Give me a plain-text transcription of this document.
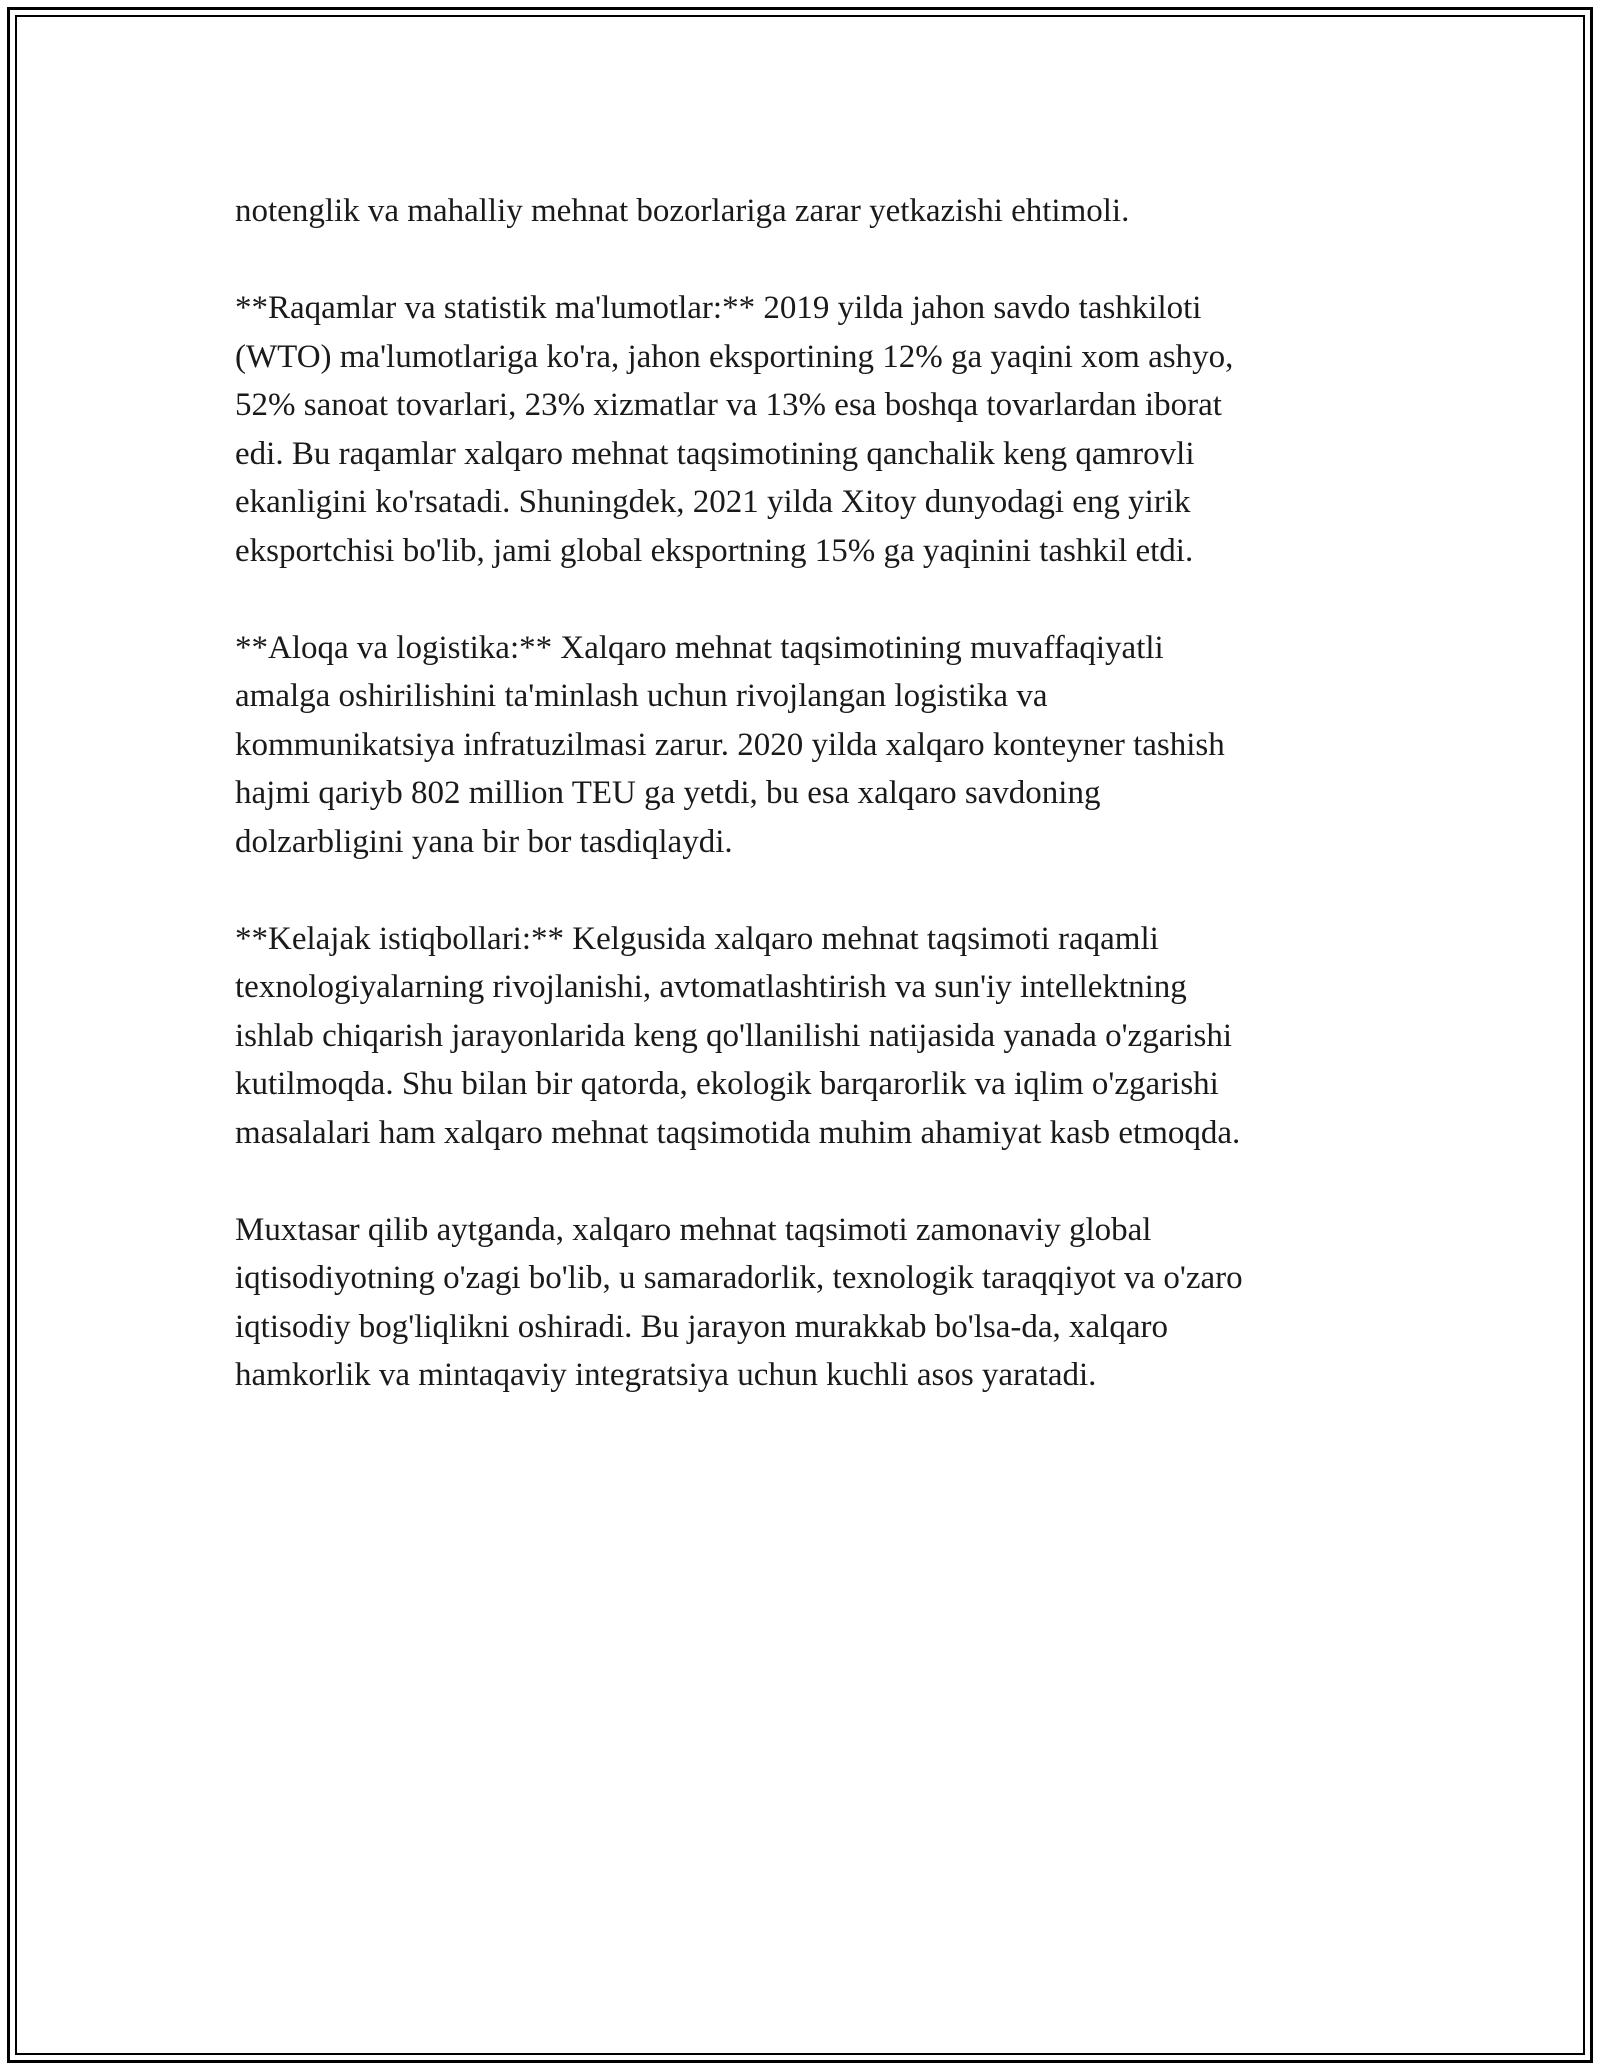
notenglik va mahalliy mehnat bozorlariga zarar yetkazishi ehtimoli.

**Raqamlar va statistik ma'lumotlar:** 2019 yilda jahon savdo tashkiloti
(WTO) ma'lumotlariga ko'ra, jahon eksportining 12% ga yaqini xom ashyo,
52% sanoat tovarlari, 23% xizmatlar va 13% esa boshqa tovarlardan iborat
edi. Bu raqamlar xalqaro mehnat taqsimotining qanchalik keng qamrovli
ekanligini ko'rsatadi. Shuningdek, 2021 yilda Xitoy dunyodagi eng yirik
eksportchisi bo'lib, jami global eksportning 15% ga yaqinini tashkil etdi.

**Aloqa va logistika:** Xalqaro mehnat taqsimotining muvaffaqiyatli
amalga oshirilishini ta'minlash uchun rivojlangan logistika va
kommunikatsiya infratuzilmasi zarur. 2020 yilda xalqaro konteyner tashish
hajmi qariyb 802 million TEU ga yetdi, bu esa xalqaro savdoning
dolzarbligini yana bir bor tasdiqlaydi.

**Kelajak istiqbollari:** Kelgusida xalqaro mehnat taqsimoti raqamli
texnologiyalarning rivojlanishi, avtomatlashtirish va sun'iy intellektning
ishlab chiqarish jarayonlarida keng qo'llanilishi natijasida yanada o'zgarishi
kutilmoqda. Shu bilan bir qatorda, ekologik barqarorlik va iqlim o'zgarishi
masalalari ham xalqaro mehnat taqsimotida muhim ahamiyat kasb etmoqda.

Muxtasar qilib aytganda, xalqaro mehnat taqsimoti zamonaviy global
iqtisodiyotning o'zagi bo'lib, u samaradorlik, texnologik taraqqiyot va o'zaro
iqtisodiy bog'liqlikni oshiradi. Bu jarayon murakkab bo'lsa-da, xalqaro
hamkorlik va mintaqaviy integratsiya uchun kuchli asos yaratadi.
